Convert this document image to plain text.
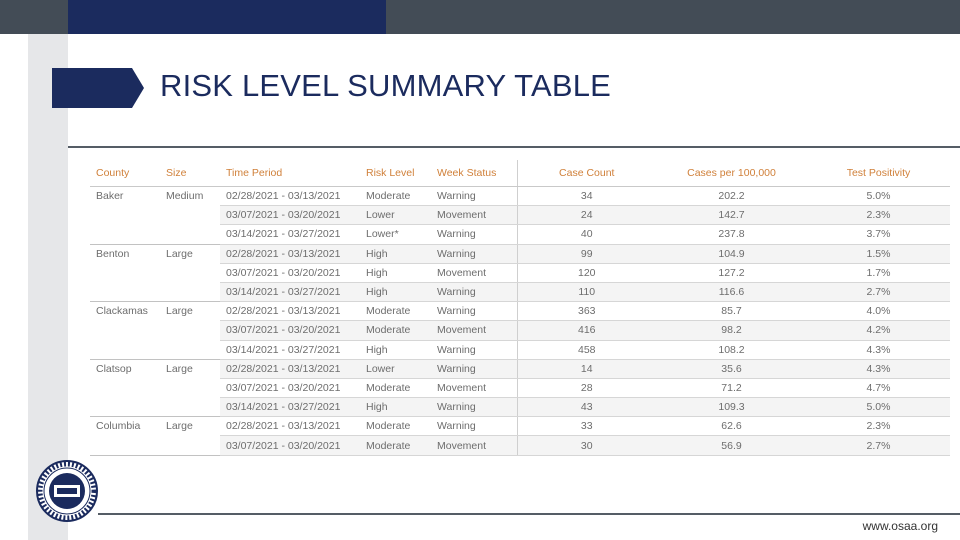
RISK LEVEL SUMMARY TABLE
County	Size	Time Period	Risk Level	Week Status	Case Count	Cases per 100,000	Test Positivity
Baker	Medium	02/28/2021 - 03/13/2021	Moderate	Warning	34	202.2	5.0%
		03/07/2021 - 03/20/2021	Lower	Movement	24	142.7	2.3%
		03/14/2021 - 03/27/2021	Lower*	Warning	40	237.8	3.7%
Benton	Large	02/28/2021 - 03/13/2021	High	Warning	99	104.9	1.5%
		03/07/2021 - 03/20/2021	High	Movement	120	127.2	1.7%
		03/14/2021 - 03/27/2021	High	Warning	110	116.6	2.7%
Clackamas	Large	02/28/2021 - 03/13/2021	Moderate	Warning	363	85.7	4.0%
		03/07/2021 - 03/20/2021	Moderate	Movement	416	98.2	4.2%
		03/14/2021 - 03/27/2021	High	Warning	458	108.2	4.3%
Clatsop	Large	02/28/2021 - 03/13/2021	Lower	Warning	14	35.6	4.3%
		03/07/2021 - 03/20/2021	Moderate	Movement	28	71.2	4.7%
		03/14/2021 - 03/27/2021	High	Warning	43	109.3	5.0%
Columbia	Large	02/28/2021 - 03/13/2021	Moderate	Warning	33	62.6	2.3%
		03/07/2021 - 03/20/2021	Moderate	Movement	30	56.9	2.7%
www.osaa.org
